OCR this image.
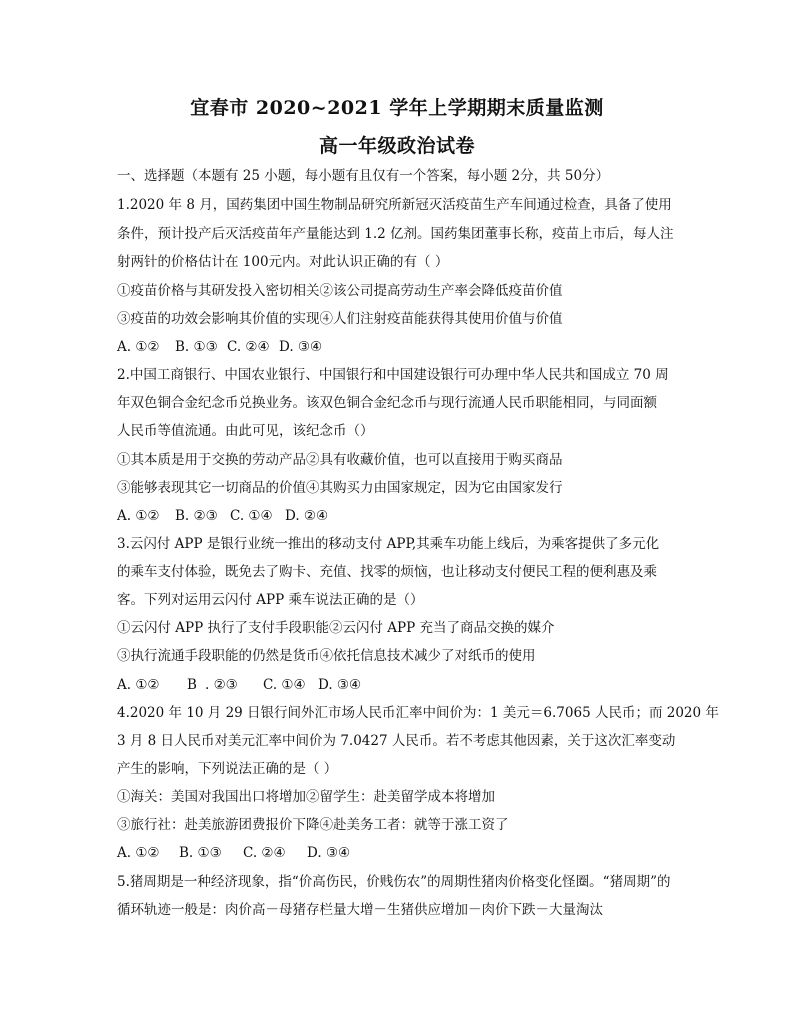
宜春市 2020~2021 学年上学期期末质量监测
高一年级政治试卷
一、选择题（本题有 25 小题，每小题有且仅有一个答案，每小题 2分，共 50分）
1.2020 年 8 月，国药集团中国生物制品研究所新冠灭活疫苗生产车间通过检查，具备了使用
条件，预计投产后灭活疫苗年产量能达到 1.2 亿剂。国药集团董事长称，疫苗上市后，每人注
射两针的价格估计在 100元内。对此认识正确的有（ ）
①疫苗价格与其研发投入密切相关②该公司提高劳动生产率会降低疫苗价值
③疫苗的功效会影响其价值的实现④人们注射疫苗能获得其使用价值与价值
A. ①② B. ①③ C. ②④ D. ③④
2.中国工商银行、中国农业银行、中国银行和中国建设银行可办理中华人民共和国成立 70 周
年双色铜合金纪念币兑换业务。该双色铜合金纪念币与现行流通人民币职能相同，与同面额
人民币等值流通。由此可见，该纪念币（）
①其本质是用于交换的劳动产品②具有收藏价值，也可以直接用于购买商品
③能够表现其它一切商品的价值④其购买力由国家规定，因为它由国家发行
A. ①② B. ②③ C. ①④ D. ②④
3.云闪付 APP 是银行业统一推出的移动支付 APP,其乘车功能上线后，为乘客提供了多元化
的乘车支付体验，既免去了购卡、充值、找零的烦恼，也让移动支付便民工程的便利惠及乘
客。下列对运用云闪付 APP 乘车说法正确的是（）
①云闪付 APP 执行了支付手段职能②云闪付 APP 充当了商品交换的媒介
③执行流通手段职能的仍然是货币④依托信息技术减少了对纸币的使用
A. ①② B . ②③ C. ①④ D. ③④
4.2020 年 10 月 29 日银行间外汇市场人民币汇率中间价为：1 美元＝6.7065 人民币；而 2020 年
3 月 8 日人民币对美元汇率中间价为 7.0427 人民币。若不考虑其他因素，关于这次汇率变动
产生的影响，下列说法正确的是（ ）
①海关：美国对我国出口将增加②留学生：赴美留学成本将增加
③旅行社：赴美旅游团费报价下降④赴美务工者：就等于涨工资了
A. ①② B. ①③ C. ②④ D. ③④
5.猪周期是一种经济现象，指“价高伤民，价贱伤农”的周期性猪肉价格变化怪圈。“猪周期”的
循环轨迹一般是：肉价高－母猪存栏量大增－生猪供应增加－肉价下跌－大量淘汰
